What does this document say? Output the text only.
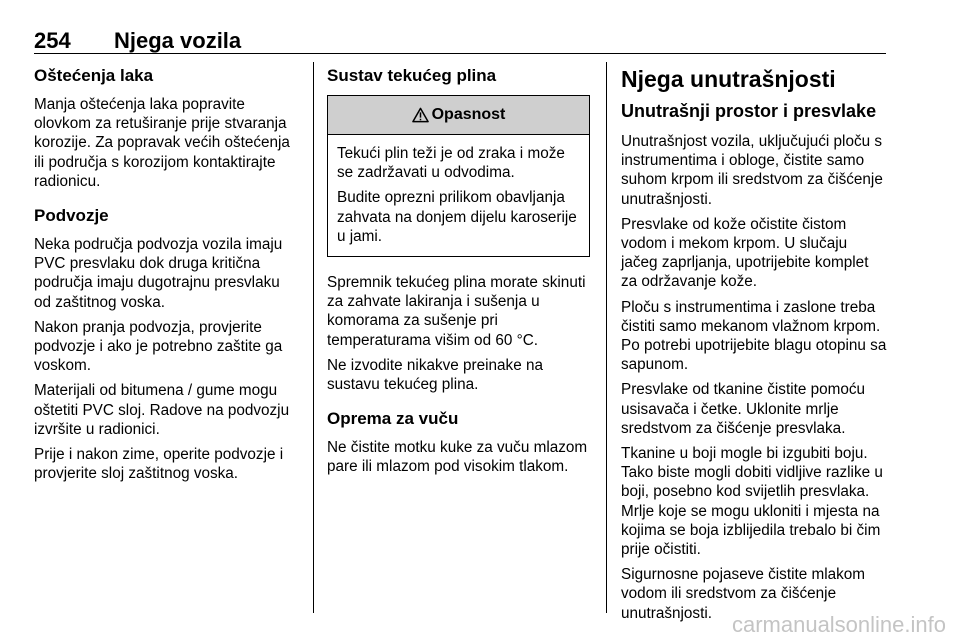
254 Njega vozila
Oštećenja laka

Manja oštećenja laka popravite olovkom za retuširanje prije stvaranja korozije. Za popravak većih oštećenja ili područja s korozijom kontaktirajte radionicu.

Podvozje

Neka područja podvozja vozila imaju PVC presvlaku dok druga kritična područja imaju dugotrajnu presvlaku od zaštitnog voska.

Nakon pranja podvozja, provjerite podvozje i ako je potrebno zaštite ga voskom.

Materijali od bitumena / gume mogu oštetiti PVC sloj. Radove na podvozju izvršite u radionici.

Prije i nakon zime, operite podvozje i provjerite sloj zaštitnog voska.

Sustav tekućeg plina
Opasnost

Tekući plin teži je od zraka i može se zadržavati u odvodima.

Budite oprezni prilikom obavljanja zahvata na donjem dijelu karoserije u jami.

Spremnik tekućeg plina morate skinuti za zahvate lakiranja i sušenja u komorama za sušenje pri temperaturama višim od 60 °C.

Ne izvodite nikakve preinake na sustavu tekućeg plina.

Oprema za vuču

Ne čistite motku kuke za vuču mlazom pare ili mlazom pod visokim tlakom.

Njega unutrašnjosti
Unutrašnji prostor i presvlake

Unutrašnjost vozila, uključujući ploču s instrumentima i obloge, čistite samo suhom krpom ili sredstvom za čišćenje unutrašnjosti.

Presvlake od kože očistite čistom vodom i mekom krpom. U slučaju jačeg zaprljanja, upotrijebite komplet za održavanje kože.

Ploču s instrumentima i zaslone treba čistiti samo mekanom vlažnom krpom. Po potrebi upotrijebite blagu otopinu sa sapunom.

Presvlake od tkanine čistite pomoću usisavača i četke. Uklonite mrlje sredstvom za čišćenje presvlaka.

Tkanine u boji mogle bi izgubiti boju. Tako biste mogli dobiti vidljive razlike u boji, posebno kod svijetlih presvlaka. Mrlje koje se mogu ukloniti i mjesta na kojima se boja izblijedila trebalo bi čim prije očistiti.

Sigurnosne pojaseve čistite mlakom vodom ili sredstvom za čišćenje unutrašnjosti. carmanualsonline.info
